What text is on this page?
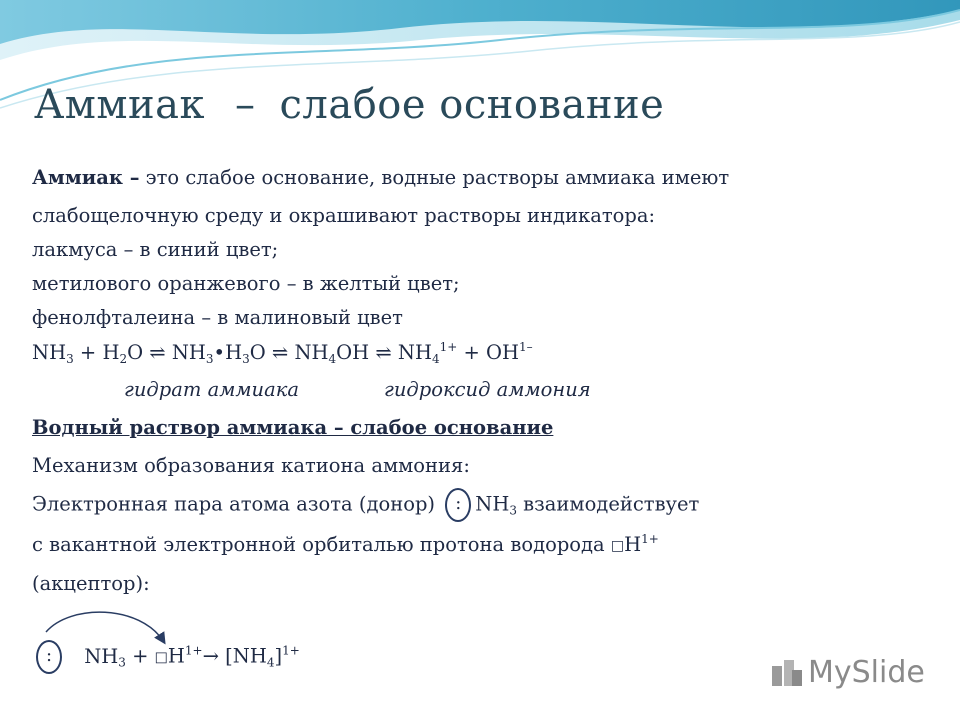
Аммиак – слабое основание
Аммиак – это слабое основание, водные растворы аммиака имеют
слабощелочную среду и окрашивают растворы индикатора:
лакмуса – в синий цвет;
метилового оранжевого – в желтый цвет;
фенолфталеина – в малиновый цвет
$NH_3 + H_2O$ ⇌ $NH_3•H_3O$ ⇌ $NH_4OH$ ⇌ $NH_4^{1+} + OH^{1-}$
гидрат аммиака	гидроксид аммония
Водный раствор аммиака – слабое основание
Механизм образования катиона аммония:
Электронная пара атома азота (донор) : $NH_3$ взаимодействует
с вакантной электронной орбиталью протона водорода $□H^{1+}$
(акцептор):
: $NH_3$ + $□H^{1+}\to [NH_4]^{1+}$
MySlide
